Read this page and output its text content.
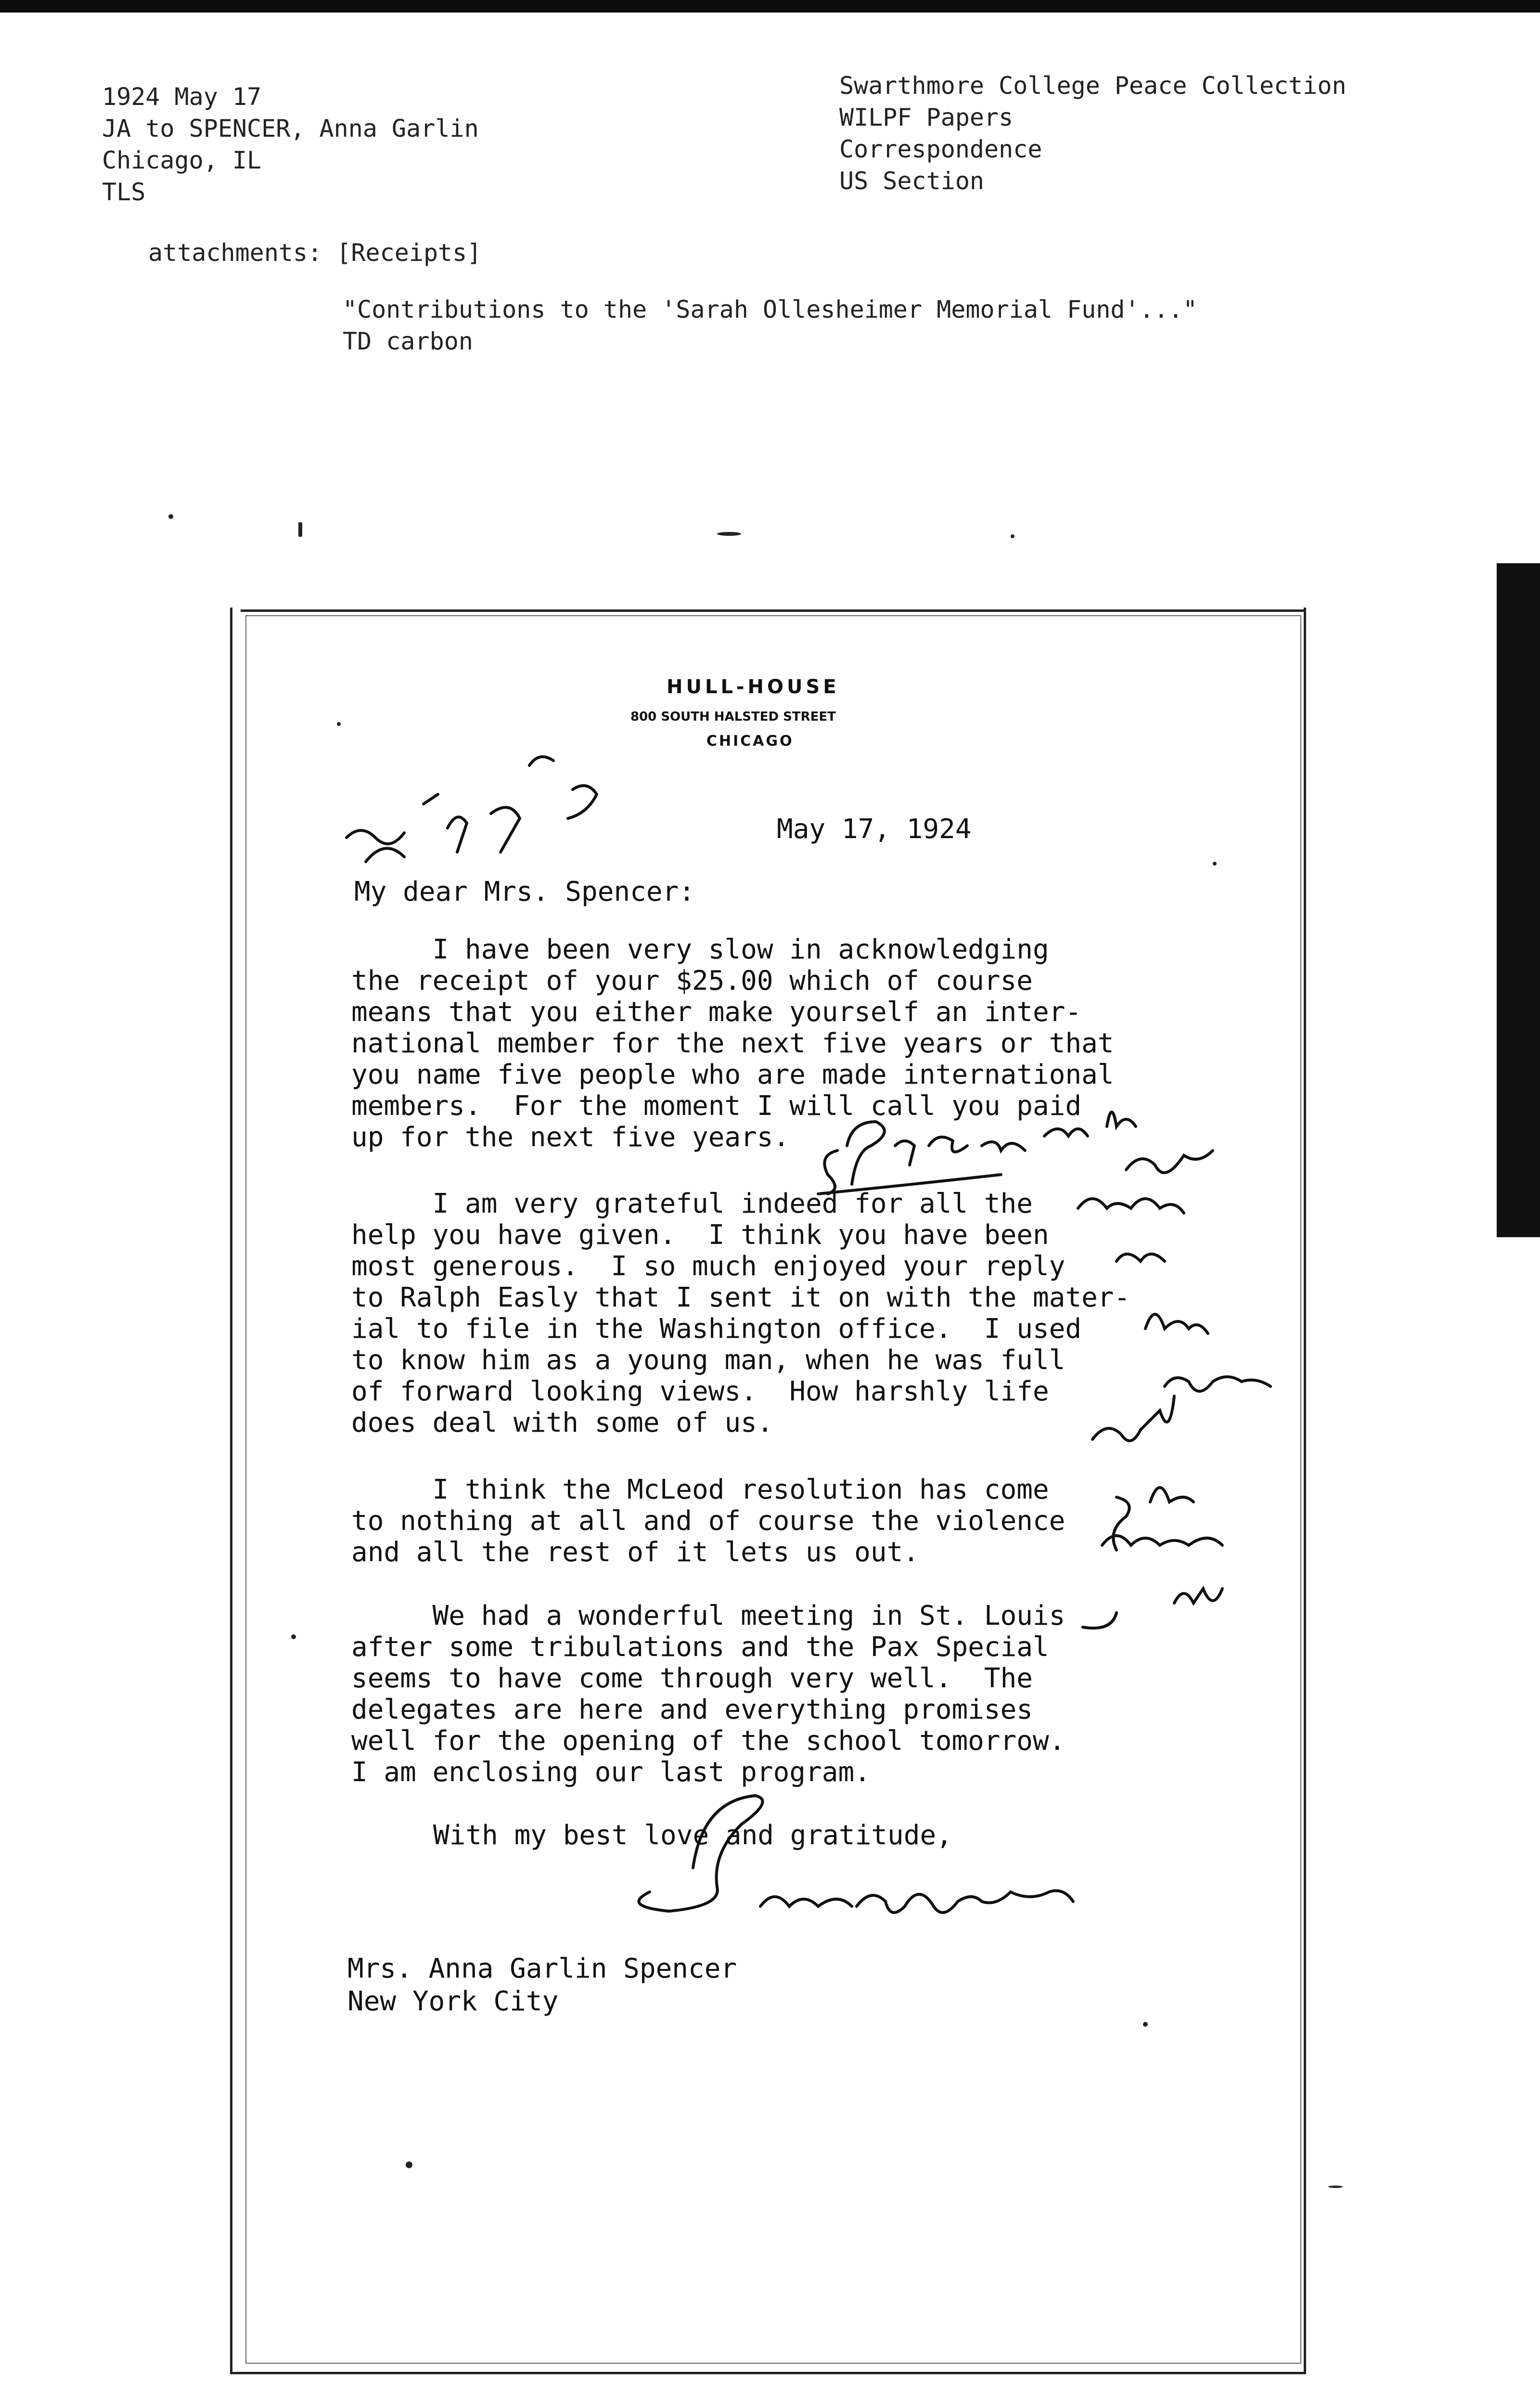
1924 May 17
JA to SPENCER, Anna Garlin
Chicago, IL
TLS
Swarthmore College Peace Collection
WILPF Papers
Correspondence
US Section
attachments: [Receipts]
"Contributions to the 'Sarah Ollesheimer Memorial Fund'..."
TD carbon
HULL-HOUSE
800 SOUTH HALSTED STREET
CHICAGO
May 17, 1924
My dear Mrs. Spencer:
I have been very slow in acknowledging
the receipt of your $25.00 which of course
means that you either make yourself an inter-
national member for the next five years or that
you name five people who are made international
members.  For the moment I will call you paid
up for the next five years.
I am very grateful indeed for all the
help you have given.  I think you have been
most generous.  I so much enjoyed your reply
to Ralph Easly that I sent it on with the mater-
ial to file in the Washington office.  I used
to know him as a young man, when he was full
of forward looking views.  How harshly life
does deal with some of us.
I think the McLeod resolution has come
to nothing at all and of course the violence
and all the rest of it lets us out.
We had a wonderful meeting in St. Louis
after some tribulations and the Pax Special
seems to have come through very well.  The
delegates are here and everything promises
well for the opening of the school tomorrow.
I am enclosing our last program.
With my best love and gratitude,
Mrs. Anna Garlin Spencer
New York City
